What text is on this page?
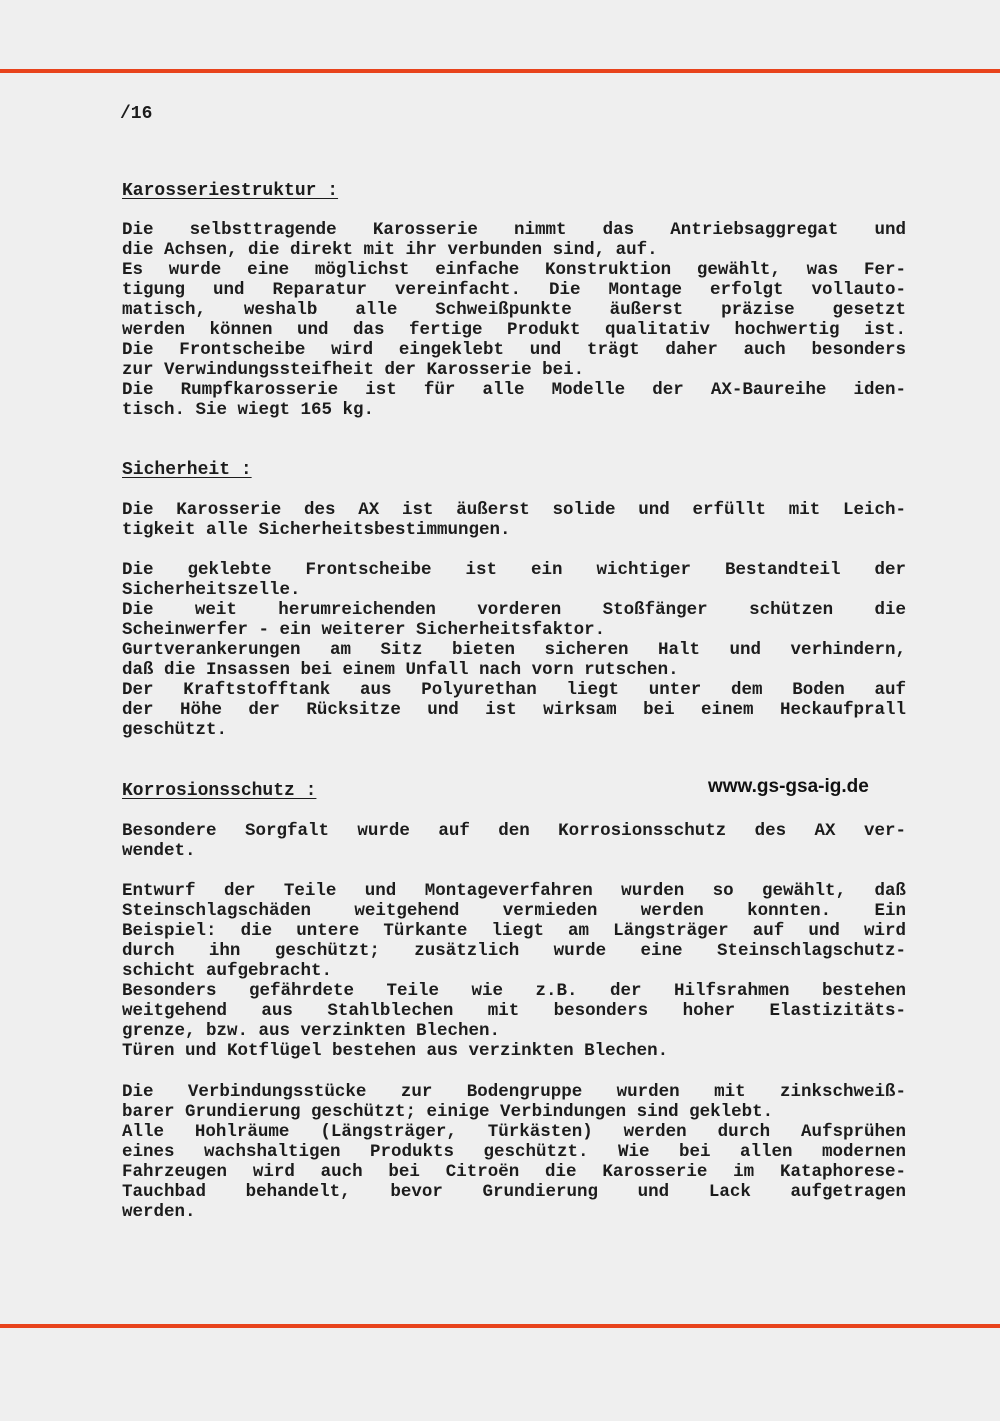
/16
Karosseriestruktur :
Die selbsttragende Karosserie nimmt das Antriebsaggregat und
die Achsen, die direkt mit ihr verbunden sind, auf.
Es wurde eine möglichst einfache Konstruktion gewählt, was Fer-
tigung und Reparatur vereinfacht. Die Montage erfolgt vollauto-
matisch, weshalb alle Schweißpunkte äußerst präzise gesetzt
werden können und das fertige Produkt qualitativ hochwertig ist.
Die Frontscheibe wird eingeklebt und trägt daher auch besonders
zur Verwindungssteifheit der Karosserie bei.
Die Rumpfkarosserie ist für alle Modelle der AX-Baureihe iden-
tisch. Sie wiegt 165 kg.
Sicherheit :
Die Karosserie des AX ist äußerst solide und erfüllt mit Leich-
tigkeit alle Sicherheitsbestimmungen.
Die geklebte Frontscheibe ist ein wichtiger Bestandteil der
Sicherheitszelle.
Die weit herumreichenden vorderen Stoßfänger schützen die
Scheinwerfer - ein weiterer Sicherheitsfaktor.
Gurtverankerungen am Sitz bieten sicheren Halt und verhindern,
daß die Insassen bei einem Unfall nach vorn rutschen.
Der Kraftstofftank aus Polyurethan liegt unter dem Boden auf
der Höhe der Rücksitze und ist wirksam bei einem Heckaufprall
geschützt.
Korrosionsschutz :	www.gs-gsa-ig.de
Besondere Sorgfalt wurde auf den Korrosionsschutz des AX ver-
wendet.
Entwurf der Teile und Montageverfahren wurden so gewählt, daß
Steinschlagschäden weitgehend vermieden werden konnten. Ein
Beispiel: die untere Türkante liegt am Längsträger auf und wird
durch ihn geschützt; zusätzlich wurde eine Steinschlagschutz-
schicht aufgebracht.
Besonders gefährdete Teile wie z.B. der Hilfsrahmen bestehen
weitgehend aus Stahlblechen mit besonders hoher Elastizitäts-
grenze, bzw. aus verzinkten Blechen.
Türen und Kotflügel bestehen aus verzinkten Blechen.
Die Verbindungsstücke zur Bodengruppe wurden mit zinkschweiß-
barer Grundierung geschützt; einige Verbindungen sind geklebt.
Alle Hohlräume (Längsträger, Türkästen) werden durch Aufsprühen
eines wachshaltigen Produkts geschützt. Wie bei allen modernen
Fahrzeugen wird auch bei Citroën die Karosserie im Kataphorese-
Tauchbad behandelt, bevor Grundierung und Lack aufgetragen
werden.
